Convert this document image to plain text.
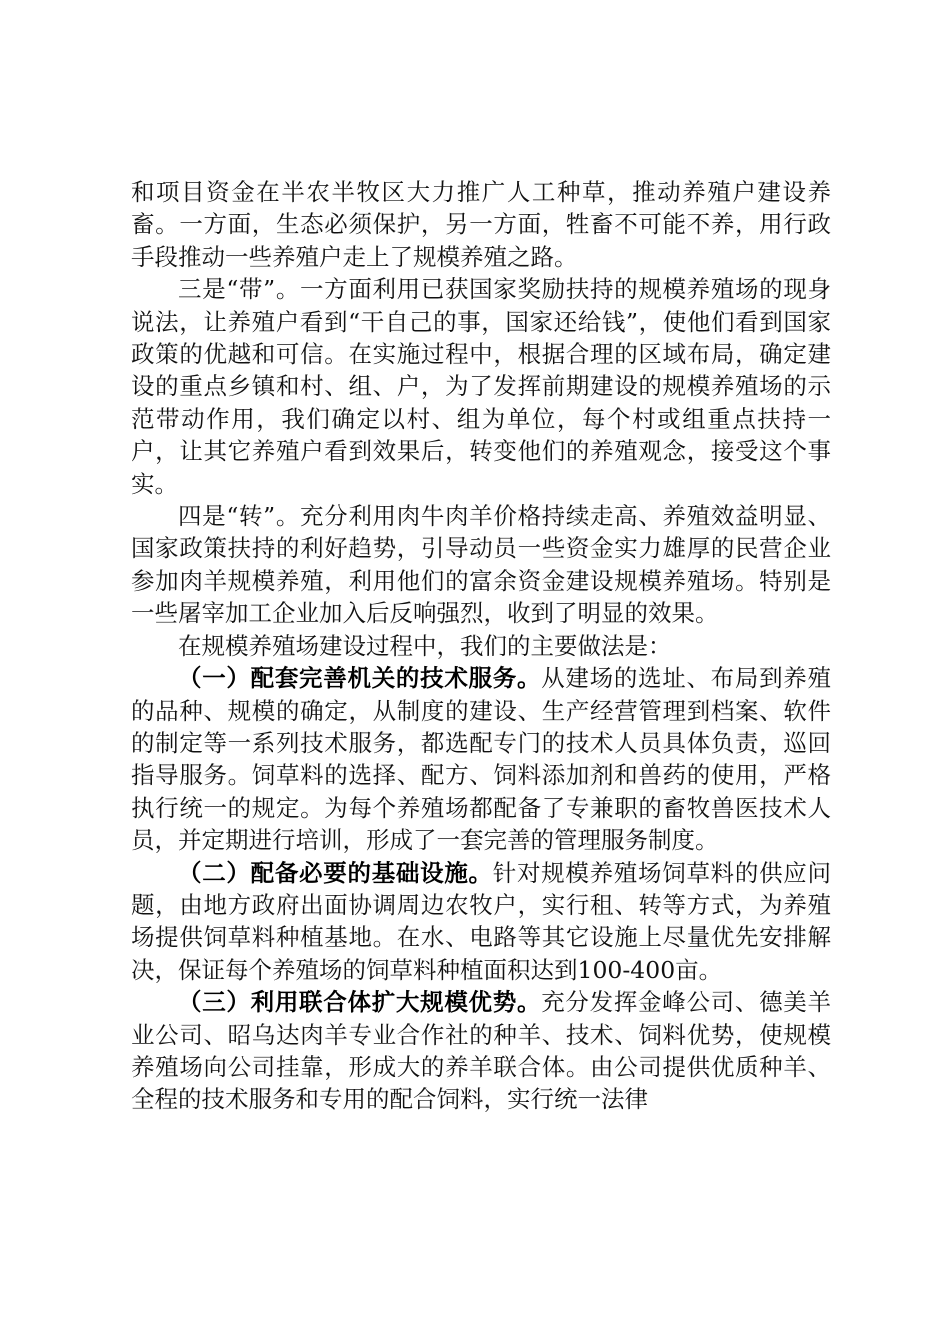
和项目资金在半农半牧区大力推广人工种草，推动养殖户建设养畜。一方面，生态必须保护，另一方面，牲畜不可能不养，用行政手段推动一些养殖户走上了规模养殖之路。

三是“带”。一方面利用已获国家奖励扶持的规模养殖场的现身说法，让养殖户看到“干自己的事，国家还给钱”，使他们看到国家政策的优越和可信。在实施过程中，根据合理的区域布局，确定建设的重点乡镇和村、组、户，为了发挥前期建设的规模养殖场的示范带动作用，我们确定以村、组为单位，每个村或组重点扶持一户，让其它养殖户看到效果后，转变他们的养殖观念，接受这个事实。

四是“转”。充分利用肉牛肉羊价格持续走高、养殖效益明显、国家政策扶持的利好趋势，引导动员一些资金实力雄厚的民营企业参加肉羊规模养殖，利用他们的富余资金建设规模养殖场。特别是一些屠宰加工企业加入后反响强烈，收到了明显的效果。

在规模养殖场建设过程中，我们的主要做法是：

（一）配套完善机关的技术服务。从建场的选址、布局到养殖的品种、规模的确定，从制度的建设、生产经营管理到档案、软件的制定等一系列技术服务，都选配专门的技术人员具体负责，巡回指导服务。饲草料的选择、配方、饲料添加剂和兽药的使用，严格执行统一的规定。为每个养殖场都配备了专兼职的畜牧兽医技术人员，并定期进行培训，形成了一套完善的管理服务制度。

（二）配备必要的基础设施。针对规模养殖场饲草料的供应问题，由地方政府出面协调周边农牧户，实行租、转等方式，为养殖场提供饲草料种植基地。在水、电路等其它设施上尽量优先安排解决，保证每个养殖场的饲草料种植面积达到100-400亩。

（三）利用联合体扩大规模优势。充分发挥金峰公司、德美羊业公司、昭乌达肉羊专业合作社的种羊、技术、饲料优势，使规模养殖场向公司挂靠，形成大的养羊联合体。由公司提供优质种羊、全程的技术服务和专用的配合饲料，实行统一法律
